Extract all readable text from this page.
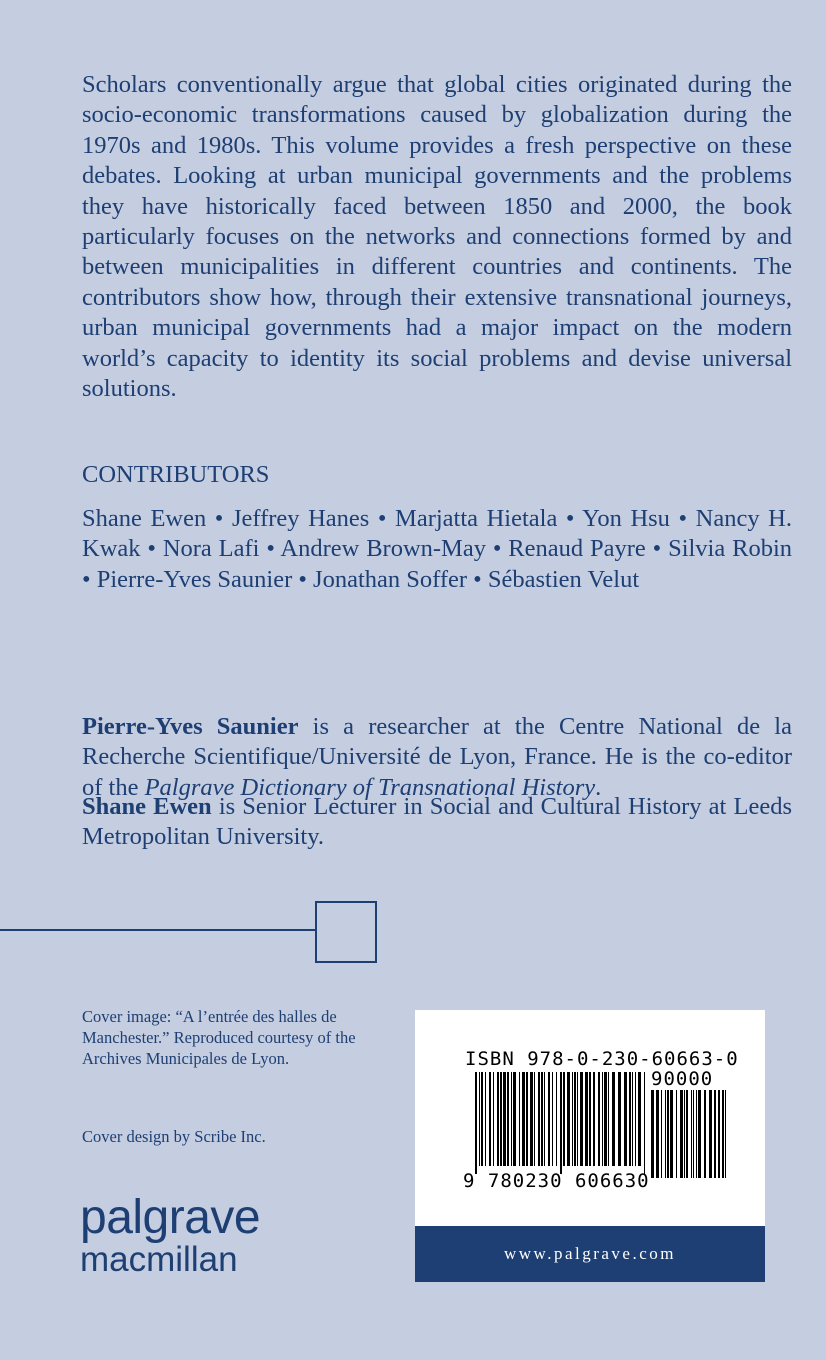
Scholars conventionally argue that global cities originated during the socio-economic transformations caused by globalization during the 1970s and 1980s. This volume provides a fresh perspective on these debates. Looking at urban municipal governments and the problems they have historically faced between 1850 and 2000, the book particularly focuses on the networks and connections formed by and between municipalities in different countries and continents. The contributors show how, through their extensive transnational journeys, urban municipal governments had a major impact on the modern world’s capacity to identity its social problems and devise universal solutions.

CONTRIBUTORS

Shane Ewen • Jeffrey Hanes • Marjatta Hietala • Yon Hsu • Nancy H. Kwak • Nora Lafi • Andrew Brown-May • Renaud Payre • Silvia Robin • Pierre-Yves Saunier • Jonathan Soffer • Sébastien Velut

Pierre-Yves Saunier is a researcher at the Centre National de la Recherche Scientifique/Université de Lyon, France. He is the co-editor of the Palgrave Dictionary of Transnational History.

Shane Ewen is Senior Lecturer in Social and Cultural History at Leeds Metropolitan University.

Cover image: “A l’entrée des halles de Manchester.” Reproduced courtesy of the Archives Municipales de Lyon.

Cover design by Scribe Inc.

palgrave
macmillan
ISBN 978-0-230-60663-0
90000
9 780230 606630
www.palgrave.com
